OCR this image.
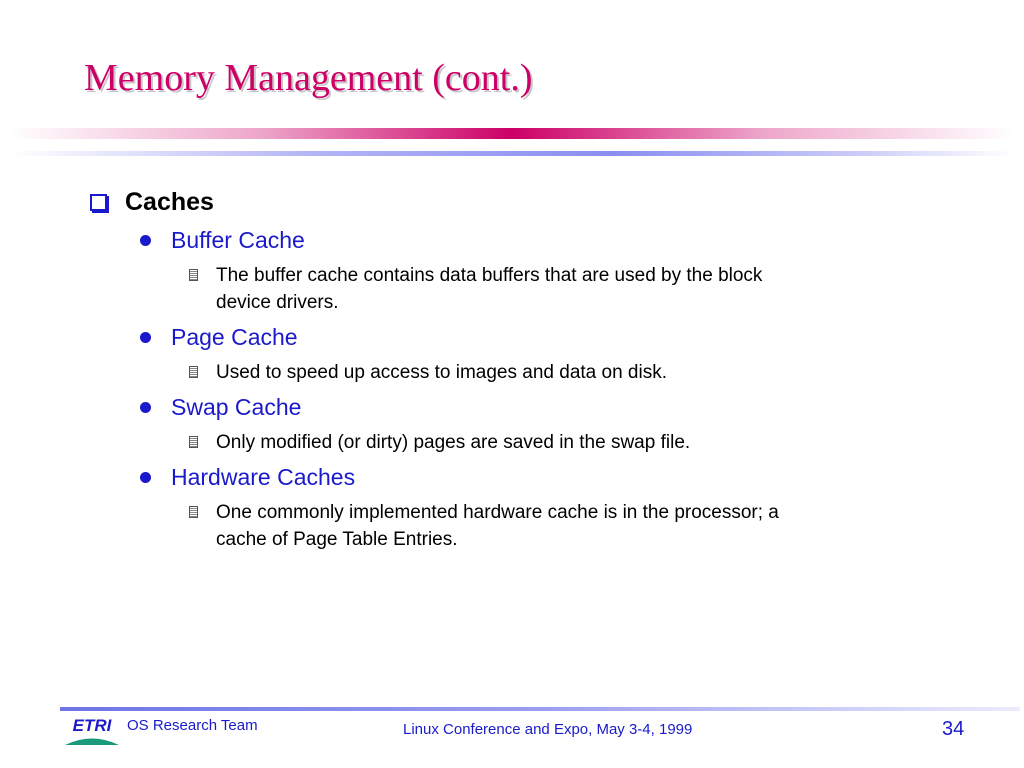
Memory Management (cont.)
Caches
Buffer Cache
The buffer cache contains data buffers that are used by the block
device drivers.
Page Cache
Used to speed up access to images and data on disk.
Swap Cache
Only modified (or dirty) pages are saved in the swap file.
Hardware Caches
One commonly implemented hardware cache is in the processor; a
cache of Page Table Entries.
ETRI OS Research Team	Linux Conference and Expo, May 3-4, 1999	34
